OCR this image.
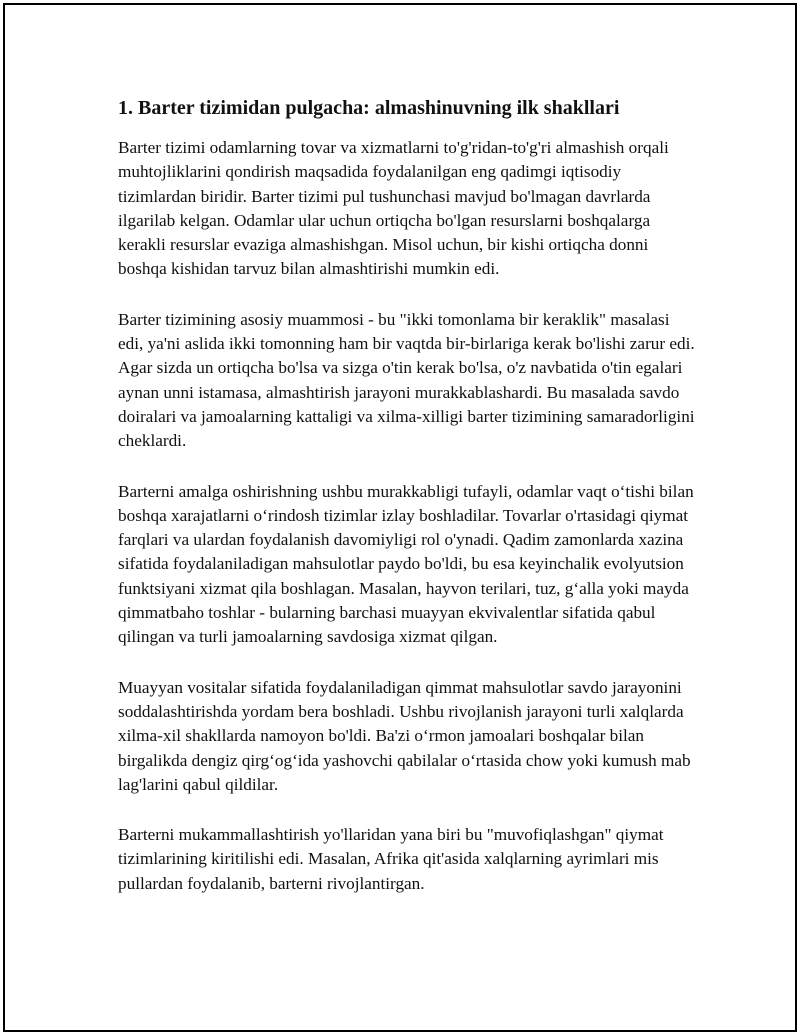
1. Barter tizimidan pulgacha: almashinuvning ilk shakllari

Barter tizimi odamlarning tovar va xizmatlarni to'g'ridan-to'g'ri almashish orqali muhtojliklarini qondirish maqsadida foydalanilgan eng qadimgi iqtisodiy tizimlardan biridir. Barter tizimi pul tushunchasi mavjud bo'lmagan davrlarda ilgarilab kelgan. Odamlar ular uchun ortiqcha bo'lgan resurslarni boshqalarga kerakli resurslar evaziga almashishgan. Misol uchun, bir kishi ortiqcha donni boshqa kishidan tarvuz bilan almashtirishi mumkin edi.

Barter tizimining asosiy muammosi - bu "ikki tomonlama bir keraklik" masalasi edi, ya'ni aslida ikki tomonning ham bir vaqtda bir-birlariga kerak bo'lishi zarur edi. Agar sizda un ortiqcha bo'lsa va sizga o'tin kerak bo'lsa, o'z navbatida o'tin egalari aynan unni istamasa, almashtirish jarayoni murakkablashardi. Bu masalada savdo doiralari va jamoalarning kattaligi va xilma-xilligi barter tizimining samaradorligini cheklardi.

Barterni amalga oshirishning ushbu murakkabligi tufayli, odamlar vaqt o‘tishi bilan boshqa xarajatlarni o‘rindosh tizimlar izlay boshladilar. Tovarlar o'rtasidagi qiymat farqlari va ulardan foydalanish davomiyligi rol o'ynadi. Qadim zamonlarda xazina sifatida foydalaniladigan mahsulotlar paydo bo'ldi, bu esa keyinchalik evolyutsion funktsiyani xizmat qila boshlagan. Masalan, hayvon terilari, tuz, g‘alla yoki mayda qimmatbaho toshlar - bularning barchasi muayyan ekvivalentlar sifatida qabul qilingan va turli jamoalarning savdosiga xizmat qilgan.

Muayyan vositalar sifatida foydalaniladigan qimmat mahsulotlar savdo jarayonini soddalashtirishda yordam bera boshladi. Ushbu rivojlanish jarayoni turli xalqlarda xilma-xil shakllarda namoyon bo'ldi. Ba'zi o‘rmon jamoalari boshqalar bilan birgalikda dengiz qirg‘og‘ida yashovchi qabilalar o‘rtasida chow yoki kumush mab lag'larini qabul qildilar.

Barterni mukammallashtirish yo'llaridan yana biri bu "muvofiqlashgan" qiymat tizimlarining kiritilishi edi. Masalan, Afrika qit'asida xalqlarning ayrimlari mis pullardan foydalanib, barterni rivojlantirgan.
